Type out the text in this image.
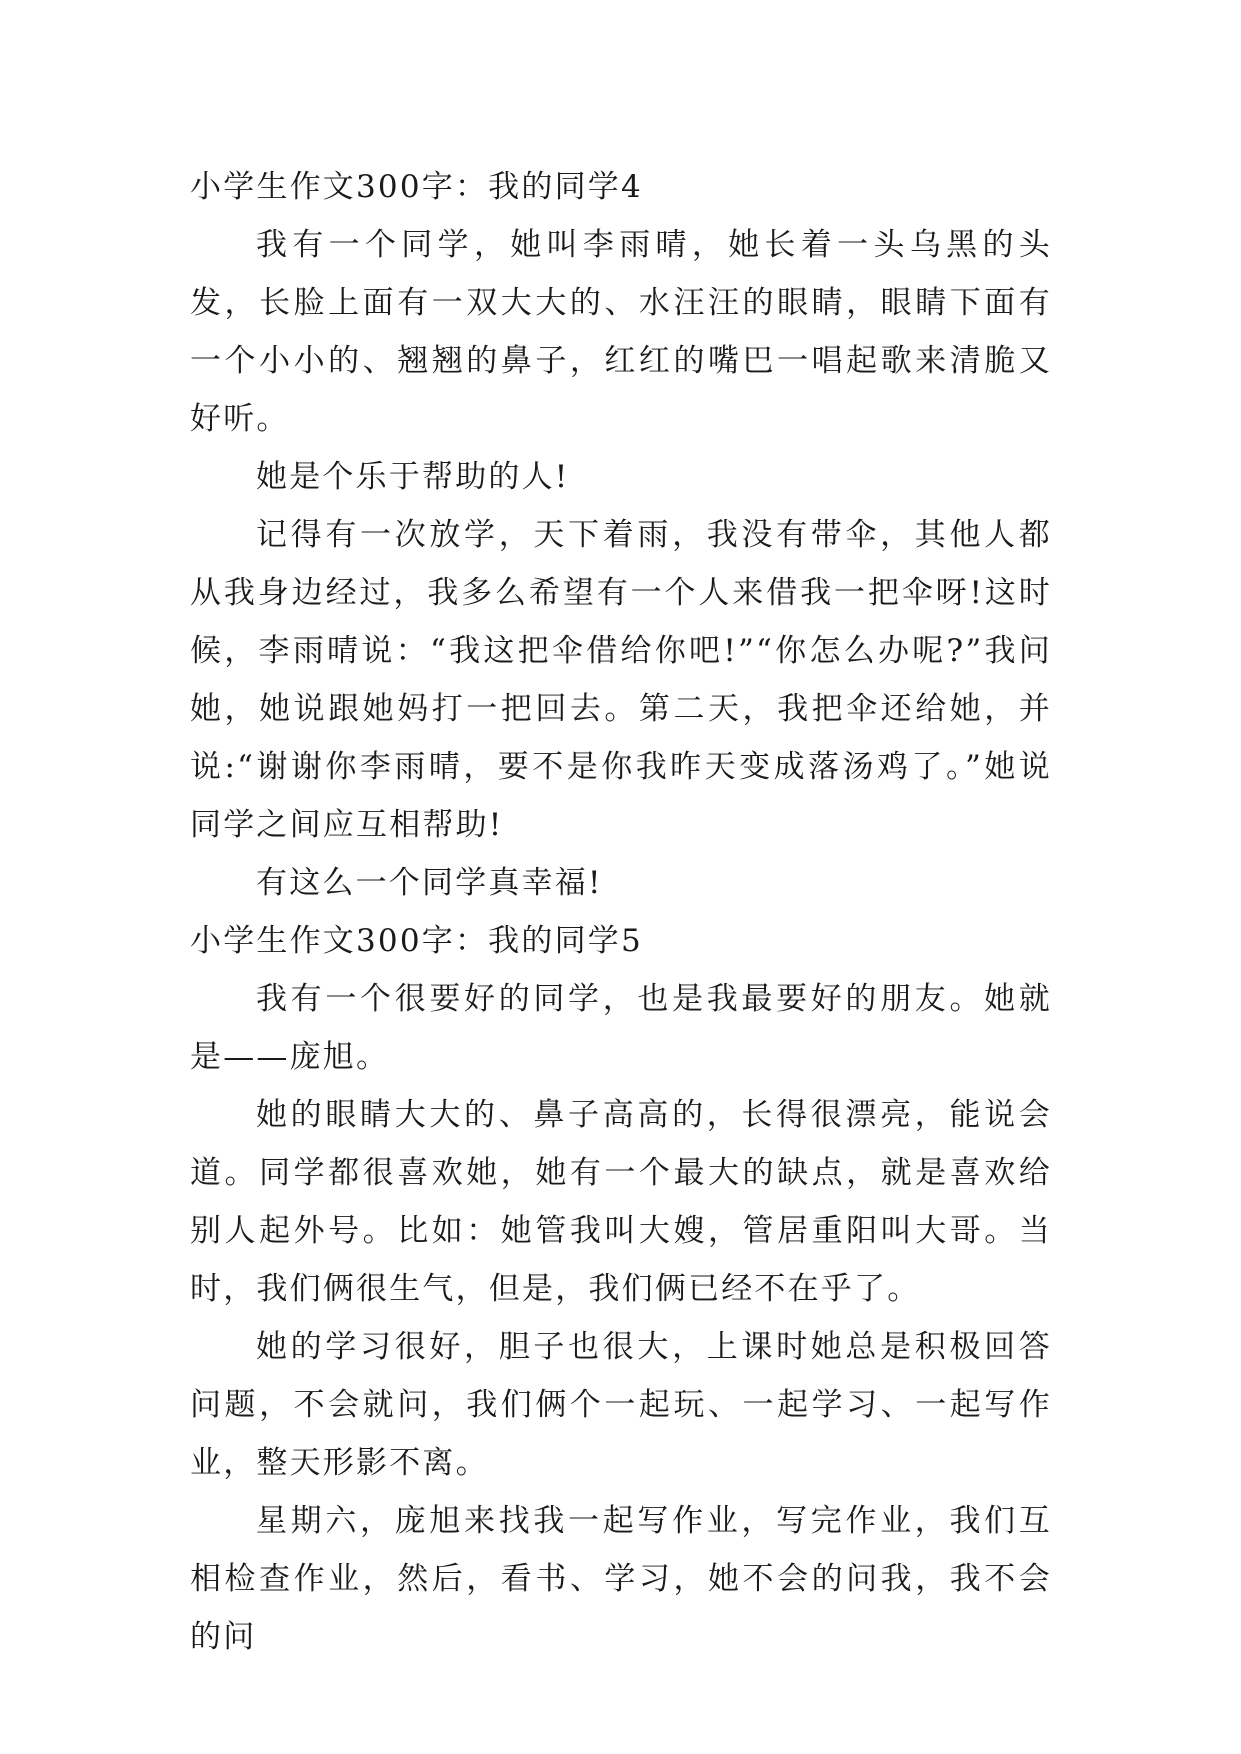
小学生作文300字：我的同学4

我有一个同学，她叫李雨晴，她长着一头乌黑的头发，长脸上面有一双大大的、水汪汪的眼睛，眼睛下面有一个小小的、翘翘的鼻子，红红的嘴巴一唱起歌来清脆又好听。

她是个乐于帮助的人!

记得有一次放学，天下着雨，我没有带伞，其他人都从我身边经过，我多么希望有一个人来借我一把伞呀!这时候，李雨晴说：“我这把伞借给你吧!”“你怎么办呢?”我问她，她说跟她妈打一把回去。第二天，我把伞还给她，并说:“谢谢你李雨晴，要不是你我昨天变成落汤鸡了。”她说同学之间应互相帮助!

有这么一个同学真幸福!

小学生作文300字：我的同学5

我有一个很要好的同学，也是我最要好的朋友。她就是——庞旭。

她的眼睛大大的、鼻子高高的，长得很漂亮，能说会道。同学都很喜欢她，她有一个最大的缺点，就是喜欢给别人起外号。比如：她管我叫大嫂，管居重阳叫大哥。当时，我们俩很生气，但是，我们俩已经不在乎了。

她的学习很好，胆子也很大，上课时她总是积极回答问题，不会就问，我们俩个一起玩、一起学习、一起写作业，整天形影不离。

星期六，庞旭来找我一起写作业，写完作业，我们互相检查作业，然后，看书、学习，她不会的问我，我不会的问
